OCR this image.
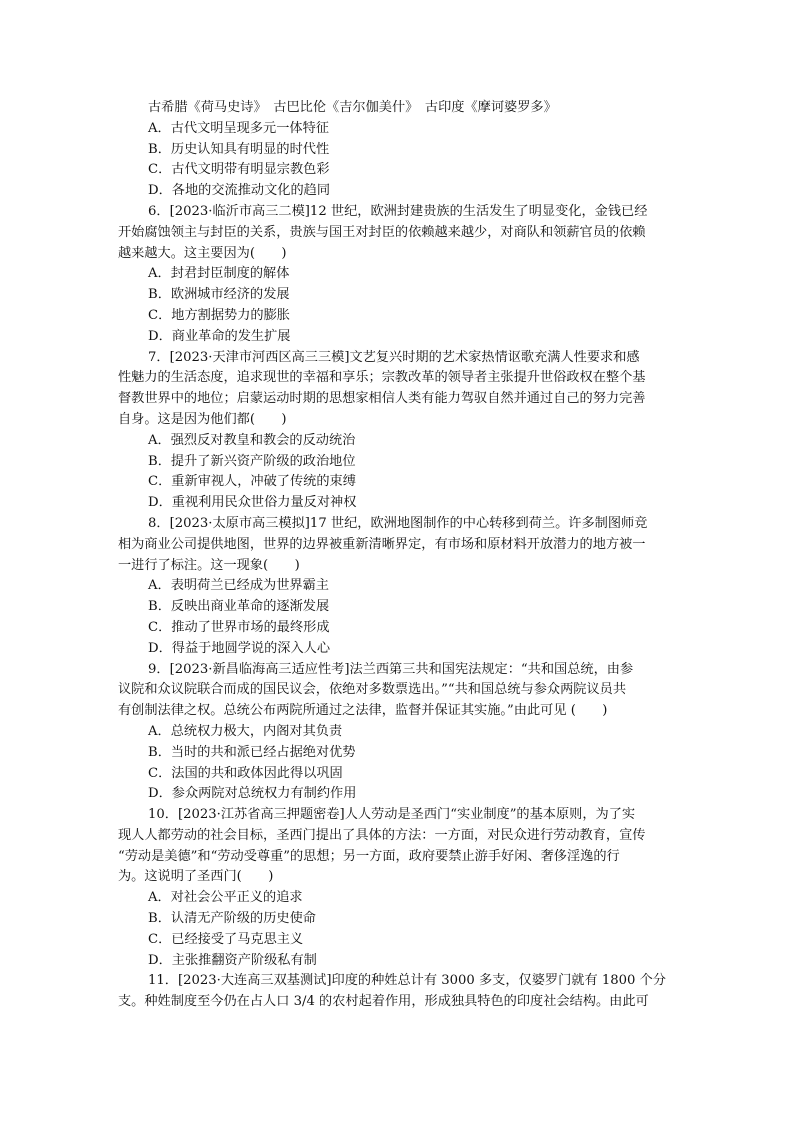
古希腊《荷马史诗》　古巴比伦《吉尔伽美什》　古印度《摩诃婆罗多》
A．古代文明呈现多元一体特征
B．历史认知具有明显的时代性
C．古代文明带有明显宗教色彩
D．各地的交流推动文化的趋同
6．[2023·临沂市高三二模]12 世纪，欧洲封建贵族的生活发生了明显变化，金钱已经
开始腐蚀领主与封臣的关系，贵族与国王对封臣的依赖越来越少，对商队和领薪官员的依赖
越来越大。这主要因为(　　)
A．封君封臣制度的解体
B．欧洲城市经济的发展
C．地方割据势力的膨胀
D．商业革命的发生扩展
7．[2023·天津市河西区高三三模]文艺复兴时期的艺术家热情讴歌充满人性要求和感
性魅力的生活态度，追求现世的幸福和享乐；宗教改革的领导者主张提升世俗政权在整个基
督教世界中的地位；启蒙运动时期的思想家相信人类有能力驾驭自然并通过自己的努力完善
自身。这是因为他们都(　　)
A．强烈反对教皇和教会的反动统治
B．提升了新兴资产阶级的政治地位
C．重新审视人，冲破了传统的束缚
D．重视利用民众世俗力量反对神权
8．[2023·太原市高三模拟]17 世纪，欧洲地图制作的中心转移到荷兰。许多制图师竞
相为商业公司提供地图，世界的边界被重新清晰界定，有市场和原材料开放潜力的地方被一
一进行了标注。这一现象(　　)
A．表明荷兰已经成为世界霸主
B．反映出商业革命的逐渐发展
C．推动了世界市场的最终形成
D．得益于地圆学说的深入人心
9．[2023·新昌临海高三适应性考]法兰西第三共和国宪法规定：“共和国总统，由参
议院和众议院联合而成的国民议会，依绝对多数票选出。”“共和国总统与参众两院议员共
有创制法律之权。总统公布两院所通过之法律，监督并保证其实施。”由此可见 (　　)
A．总统权力极大，内阁对其负责
B．当时的共和派已经占据绝对优势
C．法国的共和政体因此得以巩固
D．参众两院对总统权力有制约作用
10．[2023·江苏省高三押题密卷]人人劳动是圣西门“实业制度”的基本原则，为了实
现人人都劳动的社会目标，圣西门提出了具体的方法：一方面，对民众进行劳动教育，宣传
“劳动是美德”和“劳动受尊重”的思想；另一方面，政府要禁止游手好闲、奢侈淫逸的行
为。这说明了圣西门(　　)
A．对社会公平正义的追求
B．认清无产阶级的历史使命
C．已经接受了马克思主义
D．主张推翻资产阶级私有制
11．[2023·大连高三双基测试]印度的种姓总计有 3000 多支，仅婆罗门就有 1800 个分
支。种姓制度至今仍在占人口 3/4 的农村起着作用，形成独具特色的印度社会结构。由此可
